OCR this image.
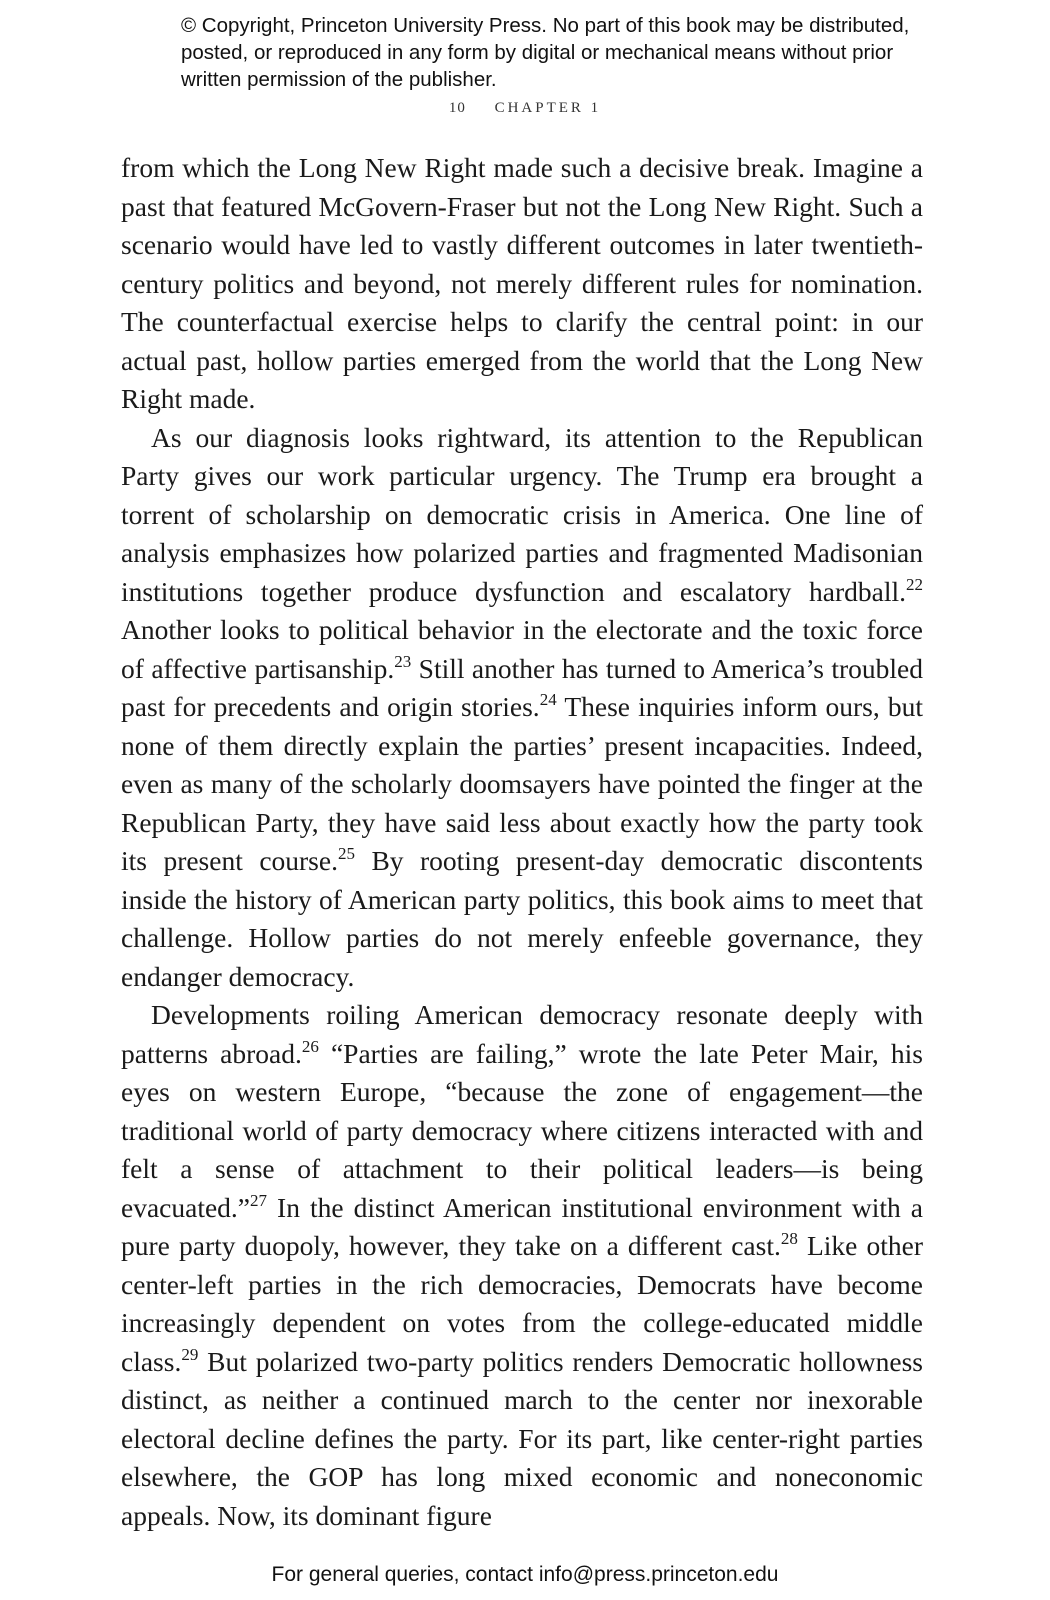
© Copyright, Princeton University Press. No part of this book may be distributed, posted, or reproduced in any form by digital or mechanical means without prior written permission of the publisher.
10 CHAPTER 1

from which the Long New Right made such a decisive break. Imagine a past that featured McGovern-Fraser but not the Long New Right. Such a scenario would have led to vastly different outcomes in later twentieth-century politics and beyond, not merely different rules for nomination. The counterfactual exercise helps to clarify the central point: in our actual past, hollow parties emerged from the world that the Long New Right made.

As our diagnosis looks rightward, its attention to the Republican Party gives our work particular urgency. The Trump era brought a torrent of scholarship on democratic crisis in America. One line of analysis emphasizes how polarized parties and fragmented Madisonian institutions together produce dysfunction and escalatory hardball.$^{22}$ Another looks to political behavior in the electorate and the toxic force of affective partisanship.$^{23}$ Still another has turned to America’s troubled past for precedents and origin stories.$^{24}$ These inquiries inform ours, but none of them directly explain the parties’ present incapacities. Indeed, even as many of the scholarly doomsayers have pointed the finger at the Republican Party, they have said less about exactly how the party took its present course.$^{25}$ By rooting present-day democratic discontents inside the history of American party politics, this book aims to meet that challenge. Hollow parties do not merely enfeeble governance, they endanger democracy.

Developments roiling American democracy resonate deeply with patterns abroad.$^{26}$ “Parties are failing,” wrote the late Peter Mair, his eyes on western Europe, “because the zone of engagement—the traditional world of party democracy where citizens interacted with and felt a sense of attachment to their political leaders—is being evacuated.”$^{27}$ In the distinct American institutional environment with a pure party duopoly, however, they take on a different cast.$^{28}$ Like other center-left parties in the rich democracies, Democrats have become increasingly dependent on votes from the college-educated middle class.$^{29}$ But polarized two-party politics renders Democratic hollowness distinct, as neither a continued march to the center nor inexorable electoral decline defines the party. For its part, like center-right parties elsewhere, the GOP has long mixed economic and noneconomic appeals. Now, its dominant figure

For general queries, contact info@press.princeton.edu
